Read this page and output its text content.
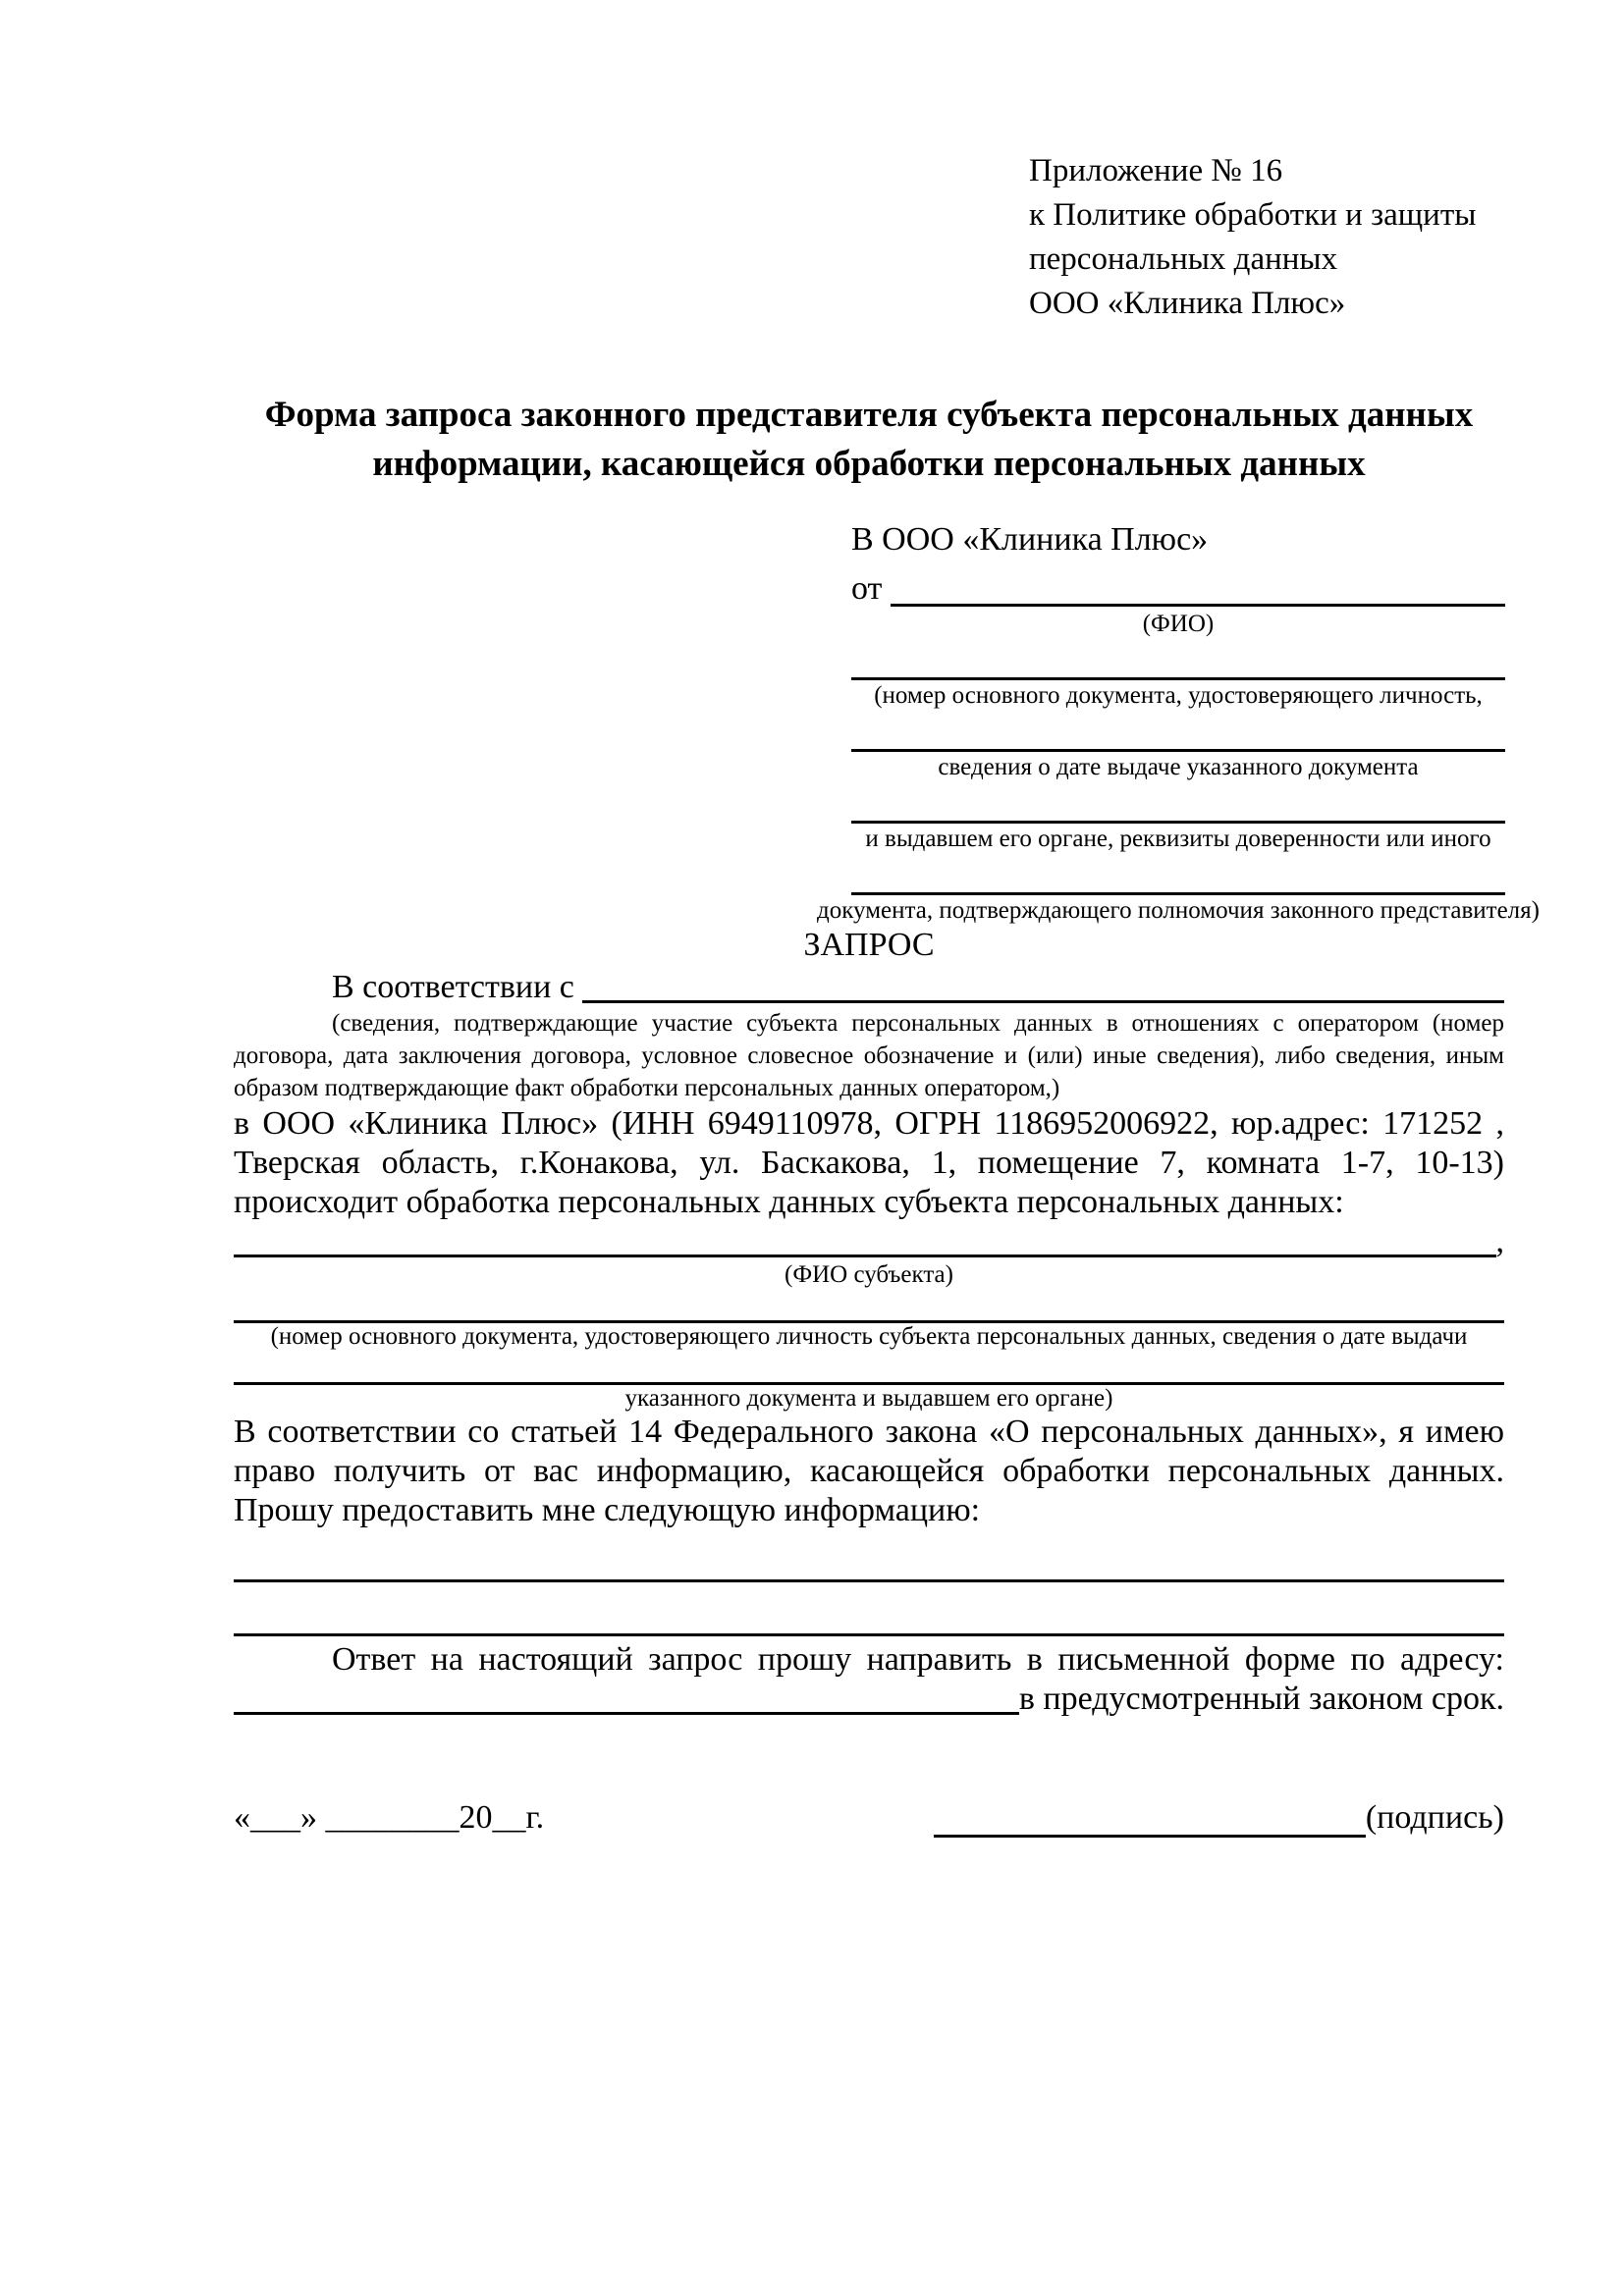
Приложение № 16
к Политике обработки и защиты
персональных данных
ООО «Клиника Плюс»
Форма запроса законного представителя субъекта персональных данных информации, касающейся обработки персональных данных
В ООО «Клиника Плюс»
от
(ФИО)
(номер основного документа, удостоверяющего личность,
сведения о дате выдаче указанного документа
и выдавшем его органе, реквизиты доверенности или иного
документа, подтверждающего полномочия законного представителя)
ЗАПРОС
В соответствии с
(сведения, подтверждающие участие субъекта персональных данных в отношениях с оператором (номер договора, дата заключения договора, условное словесное обозначение и (или) иные сведения), либо сведения, иным образом подтверждающие факт обработки персональных данных оператором,)
в ООО «Клиника Плюс» (ИНН 6949110978, ОГРН 1186952006922, юр.адрес: 171252 , Тверская область, г.Конакова, ул. Баскакова, 1, помещение 7, комната 1-7, 10-13) происходит обработка персональных данных субъекта персональных данных:
,
(ФИО субъекта)
(номер основного документа, удостоверяющего личность субъекта персональных данных, сведения о дате выдачи
указанного документа и выдавшем его органе)
В соответствии со статьей 14 Федерального закона «О персональных данных», я имею право получить от вас информацию, касающейся обработки персональных данных. Прошу предоставить мне следующую информацию:
Ответ на настоящий запрос прошу направить в письменной форме по адресу:
в предусмотренный законом срок.
«___» ________20__г.	(подпись)
